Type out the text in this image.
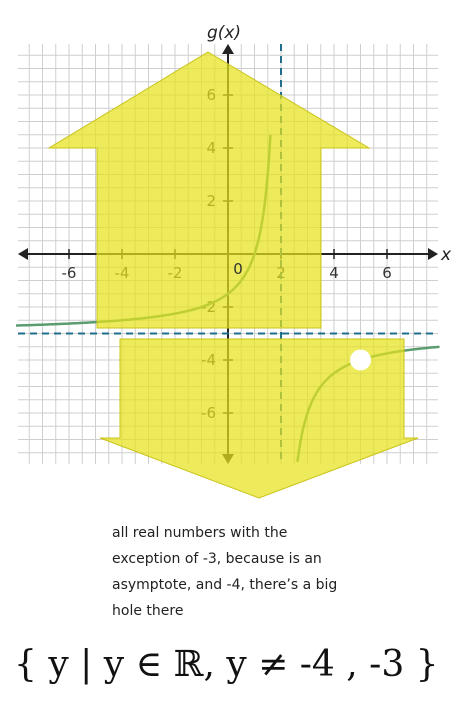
-6	4	6
g(x)
x
0
all real numbers with the
exception of -3, because is an
asymptote, and -4, there’s a big
hole there
{ y | y ∈ ℝ, y ≠ -4 , -3 }
